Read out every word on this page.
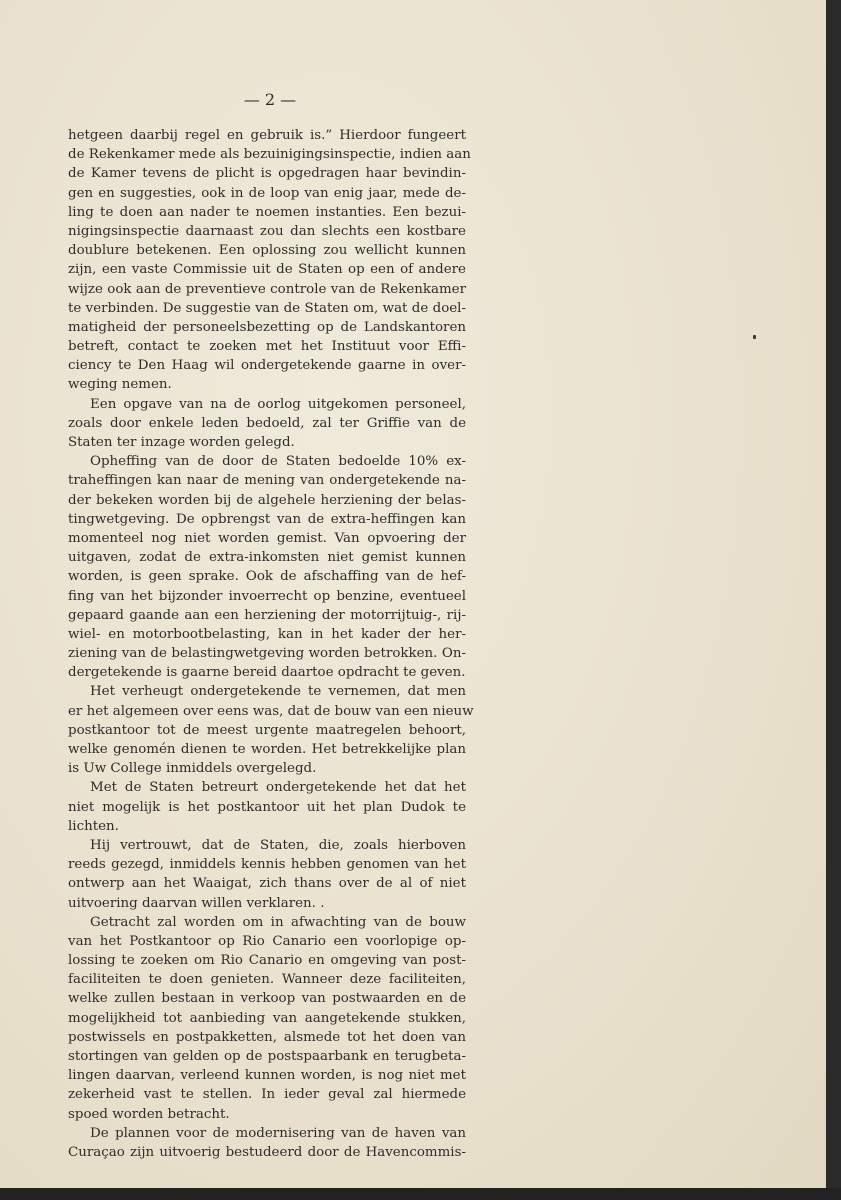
— 2 —
hetgeen daarbij regel en gebruik is.” Hierdoor fungeert
de Rekenkamer mede als bezuinigingsinspectie, indien aan
de Kamer tevens de plicht is opgedragen haar bevindin-
gen en suggesties, ook in de loop van enig jaar, mede de-
ling te doen aan nader te noemen instanties. Een bezui-
nigingsinspectie daarnaast zou dan slechts een kostbare
doublure betekenen. Een oplossing zou wellicht kunnen
zijn, een vaste Commissie uit de Staten op een of andere
wijze ook aan de preventieve controle van de Rekenkamer
te verbinden. De suggestie van de Staten om, wat de doel-
matigheid der personeelsbezetting op de Landskantoren
betreft, contact te zoeken met het Instituut voor Effi-
ciency te Den Haag wil ondergetekende gaarne in over-
weging nemen.
Een opgave van na de oorlog uitgekomen personeel,
zoals door enkele leden bedoeld, zal ter Griffie van de
Staten ter inzage worden gelegd.
Opheffing van de door de Staten bedoelde 10% ex-
traheffingen kan naar de mening van ondergetekende na-
der bekeken worden bij de algehele herziening der belas-
tingwetgeving. De opbrengst van de extra-heffingen kan
momenteel nog niet worden gemist. Van opvoering der
uitgaven, zodat de extra-inkomsten niet gemist kunnen
worden, is geen sprake. Ook de afschaffing van de hef-
fing van het bijzonder invoerrecht op benzine, eventueel
gepaard gaande aan een herziening der motorrijtuig-, rij-
wiel- en motorbootbelasting, kan in het kader der her-
ziening van de belastingwetgeving worden betrokken. On-
dergetekende is gaarne bereid daartoe opdracht te geven.
Het verheugt ondergetekende te vernemen, dat men
er het algemeen over eens was, dat de bouw van een nieuw
postkantoor tot de meest urgente maatregelen behoort,
welke genomén dienen te worden. Het betrekkelijke plan
is Uw College inmiddels overgelegd.
Met de Staten betreurt ondergetekende het dat het
niet mogelijk is het postkantoor uit het plan Dudok te
lichten.
Hij vertrouwt, dat de Staten, die, zoals hierboven
reeds gezegd, inmiddels kennis hebben genomen van het
ontwerp aan het Waaigat, zich thans over de al of niet
uitvoering daarvan willen verklaren. .
Getracht zal worden om in afwachting van de bouw
van het Postkantoor op Rio Canario een voorlopige op-
lossing te zoeken om Rio Canario en omgeving van post-
faciliteiten te doen genieten. Wanneer deze faciliteiten,
welke zullen bestaan in verkoop van postwaarden en de
mogelijkheid tot aanbieding van aangetekende stukken,
postwissels en postpakketten, alsmede tot het doen van
stortingen van gelden op de postspaarbank en terugbeta-
lingen daarvan, verleend kunnen worden, is nog niet met
zekerheid vast te stellen. In ieder geval zal hiermede
spoed worden betracht.
De plannen voor de modernisering van de haven van
Curaçao zijn uitvoerig bestudeerd door de Havencommis-
